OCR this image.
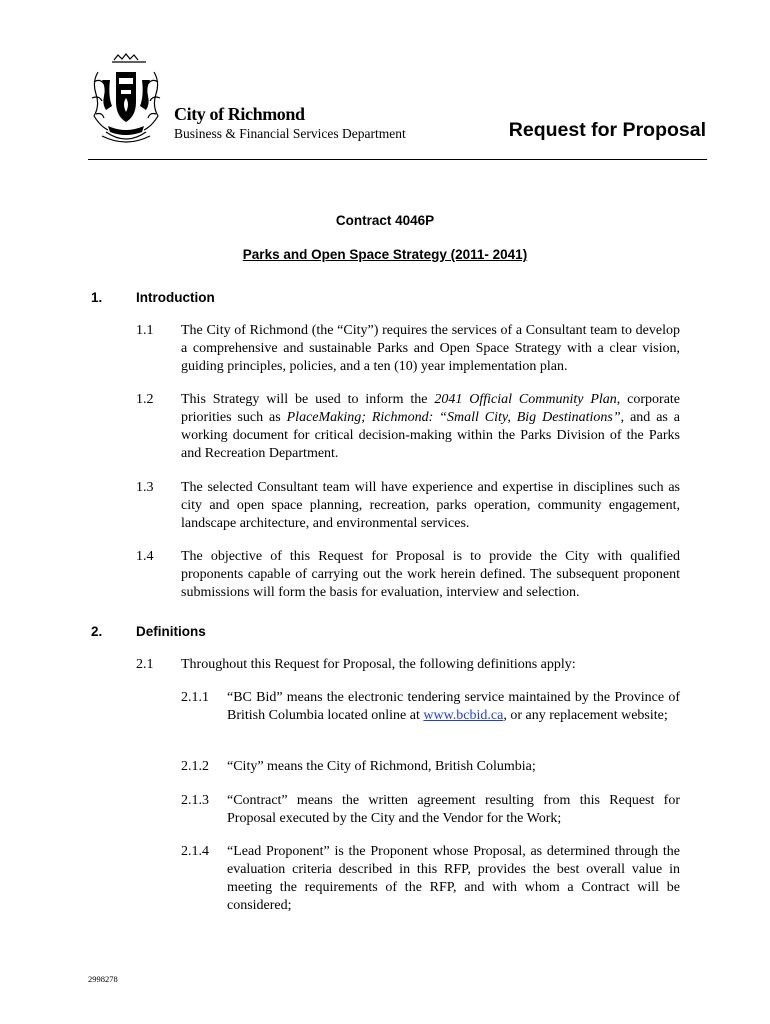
City of Richmond
Business & Financial Services Department	Request for Proposal
Contract 4046P
Parks and Open Space Strategy (2011- 2041)
1. Introduction
1.1 The City of Richmond (the “City”) requires the services of a Consultant team to develop a comprehensive and sustainable Parks and Open Space Strategy with a clear vision, guiding principles, policies, and a ten (10) year implementation plan.
1.2 This Strategy will be used to inform the 2041 Official Community Plan, corporate priorities such as PlaceMaking; Richmond: “Small City, Big Destinations”, and as a working document for critical decision-making within the Parks Division of the Parks and Recreation Department.
1.3 The selected Consultant team will have experience and expertise in disciplines such as city and open space planning, recreation, parks operation, community engagement, landscape architecture, and environmental services.
1.4 The objective of this Request for Proposal is to provide the City with qualified proponents capable of carrying out the work herein defined. The subsequent proponent submissions will form the basis for evaluation, interview and selection.
2. Definitions
2.1 Throughout this Request for Proposal, the following definitions apply:
2.1.1 “BC Bid” means the electronic tendering service maintained by the Province of British Columbia located online at www.bcbid.ca, or any replacement website;
2.1.2 “City” means the City of Richmond, British Columbia;
2.1.3 “Contract” means the written agreement resulting from this Request for Proposal executed by the City and the Vendor for the Work;
2.1.4 “Lead Proponent” is the Proponent whose Proposal, as determined through the evaluation criteria described in this RFP, provides the best overall value in meeting the requirements of the RFP, and with whom a Contract will be considered;
2998278
